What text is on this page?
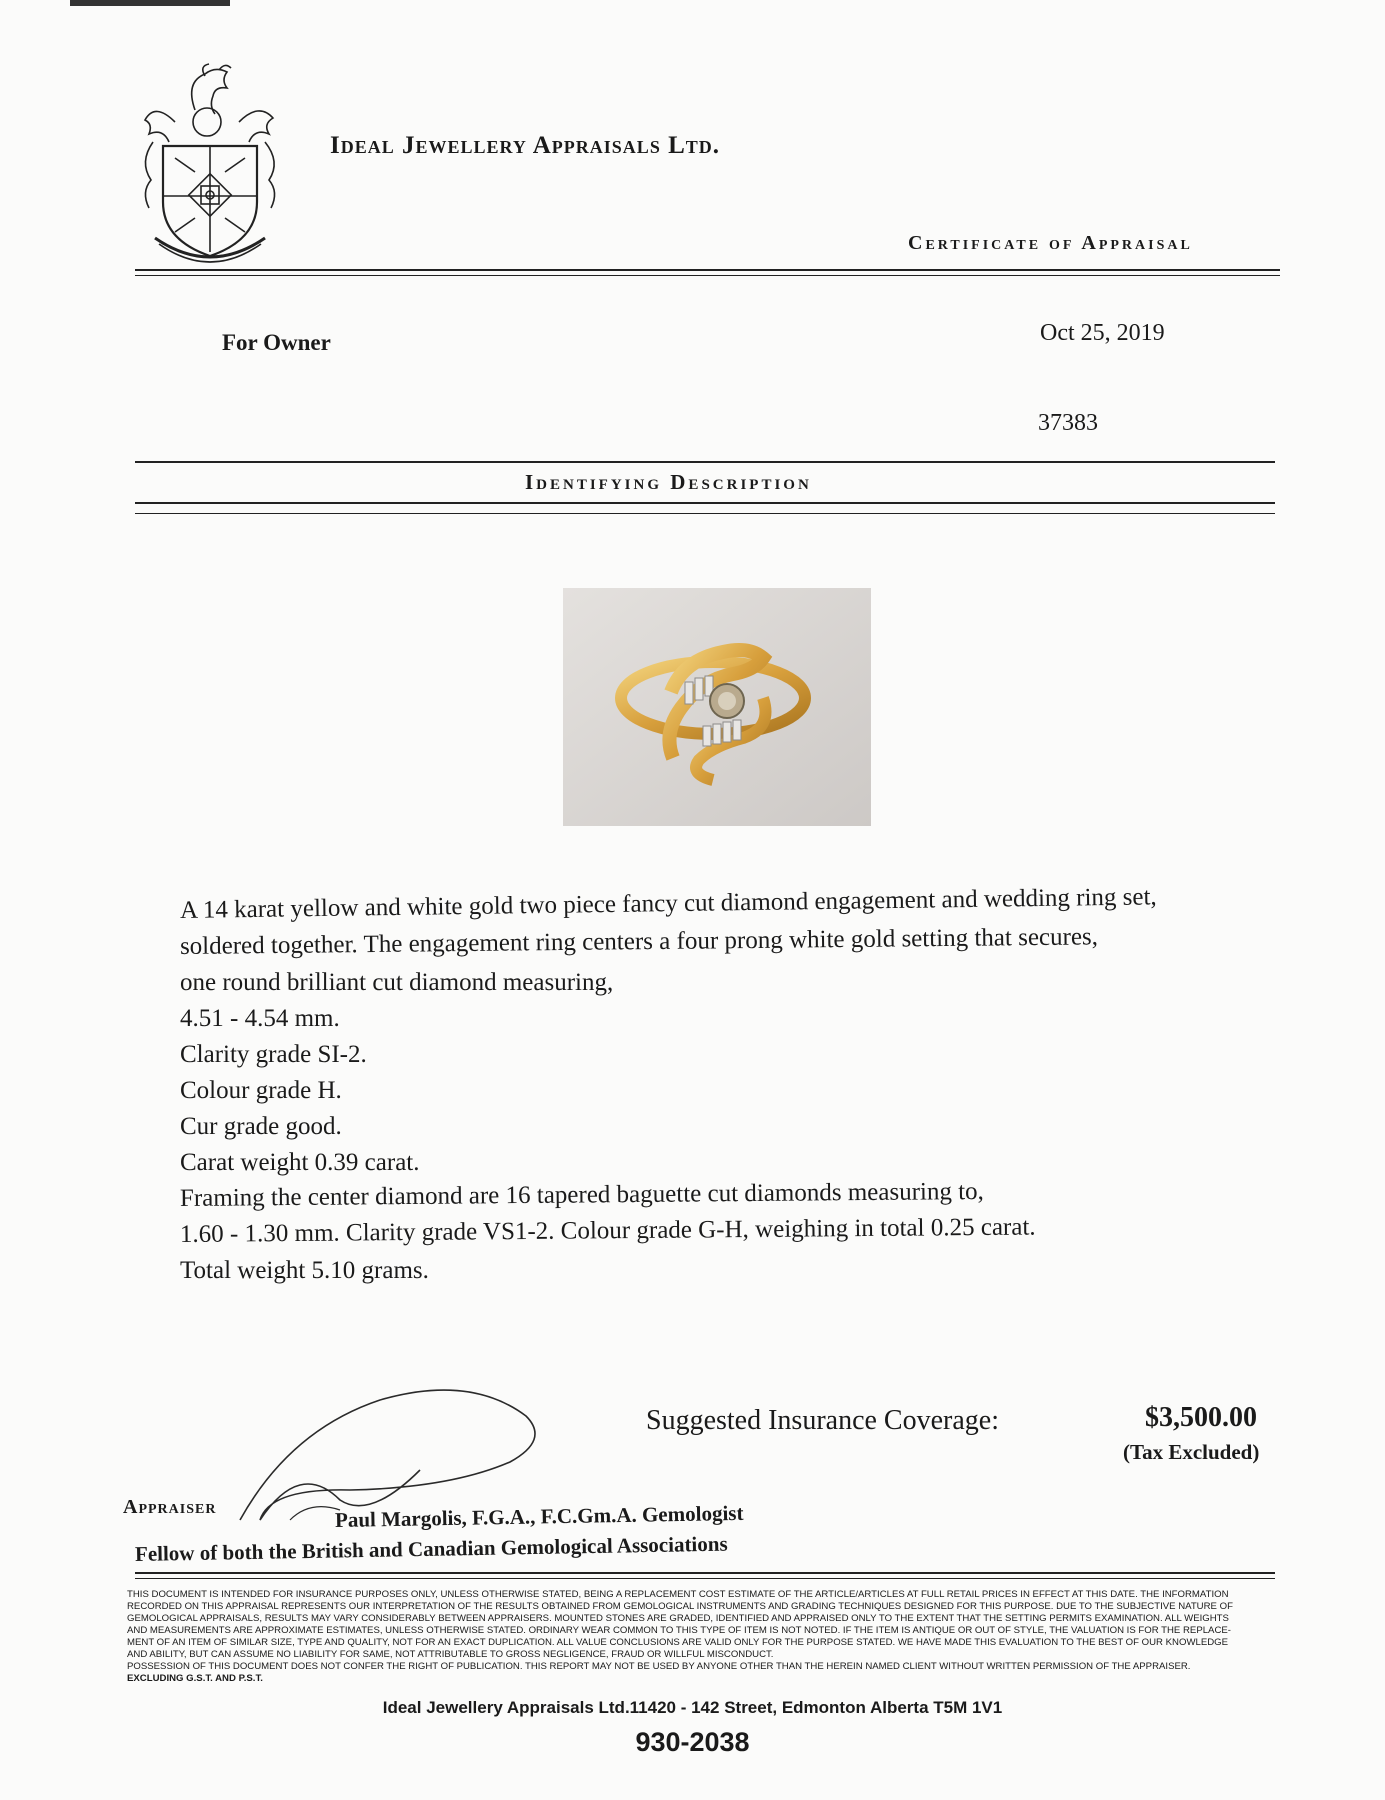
Ideal Jewellery Appraisals Ltd.
Certificate of Appraisal
For Owner	Oct 25, 2019
37383
Identifying Description
A 14 karat yellow and white gold two piece fancy cut diamond engagement and wedding ring set,
soldered together. The engagement ring centers a four prong white gold setting that secures,
one round brilliant cut diamond measuring,
4.51 - 4.54 mm.
Clarity grade SI-2.
Colour grade H.
Cur grade good.
Carat weight 0.39 carat.
Framing the center diamond are 16 tapered baguette cut diamonds measuring to,
1.60 - 1.30 mm. Clarity grade VS1-2. Colour grade G-H, weighing in total 0.25 carat.
Total weight 5.10 grams.
Suggested Insurance Coverage:	$3,500.00
(Tax Excluded)
Appraiser	Paul Margolis, F.G.A., F.C.Gm.A. Gemologist
Fellow of both the British and Canadian Gemological Associations
THIS DOCUMENT IS INTENDED FOR INSURANCE PURPOSES ONLY, UNLESS OTHERWISE STATED, BEING A REPLACEMENT COST ESTIMATE OF THE ARTICLE/ARTICLES AT FULL RETAIL PRICES IN EFFECT AT THIS DATE. THE INFORMATION
RECORDED ON THIS APPRAISAL REPRESENTS OUR INTERPRETATION OF THE RESULTS OBTAINED FROM GEMOLOGICAL INSTRUMENTS AND GRADING TECHNIQUES DESIGNED FOR THIS PURPOSE. DUE TO THE SUBJECTIVE NATURE OF
GEMOLOGICAL APPRAISALS, RESULTS MAY VARY CONSIDERABLY BETWEEN APPRAISERS. MOUNTED STONES ARE GRADED, IDENTIFIED AND APPRAISED ONLY TO THE EXTENT THAT THE SETTING PERMITS EXAMINATION. ALL WEIGHTS
AND MEASUREMENTS ARE APPROXIMATE ESTIMATES, UNLESS OTHERWISE STATED. ORDINARY WEAR COMMON TO THIS TYPE OF ITEM IS NOT NOTED. IF THE ITEM IS ANTIQUE OR OUT OF STYLE, THE VALUATION IS FOR THE REPLACE-
MENT OF AN ITEM OF SIMILAR SIZE, TYPE AND QUALITY, NOT FOR AN EXACT DUPLICATION. ALL VALUE CONCLUSIONS ARE VALID ONLY FOR THE PURPOSE STATED. WE HAVE MADE THIS EVALUATION TO THE BEST OF OUR KNOWLEDGE
AND ABILITY, BUT CAN ASSUME NO LIABILITY FOR SAME, NOT ATTRIBUTABLE TO GROSS NEGLIGENCE, FRAUD OR WILLFUL MISCONDUCT.
POSSESSION OF THIS DOCUMENT DOES NOT CONFER THE RIGHT OF PUBLICATION. THIS REPORT MAY NOT BE USED BY ANYONE OTHER THAN THE HEREIN NAMED CLIENT WITHOUT WRITTEN PERMISSION OF THE APPRAISER.
EXCLUDING G.S.T. AND P.S.T.
Ideal Jewellery Appraisals Ltd.11420 - 142 Street, Edmonton Alberta T5M 1V1
930-2038
